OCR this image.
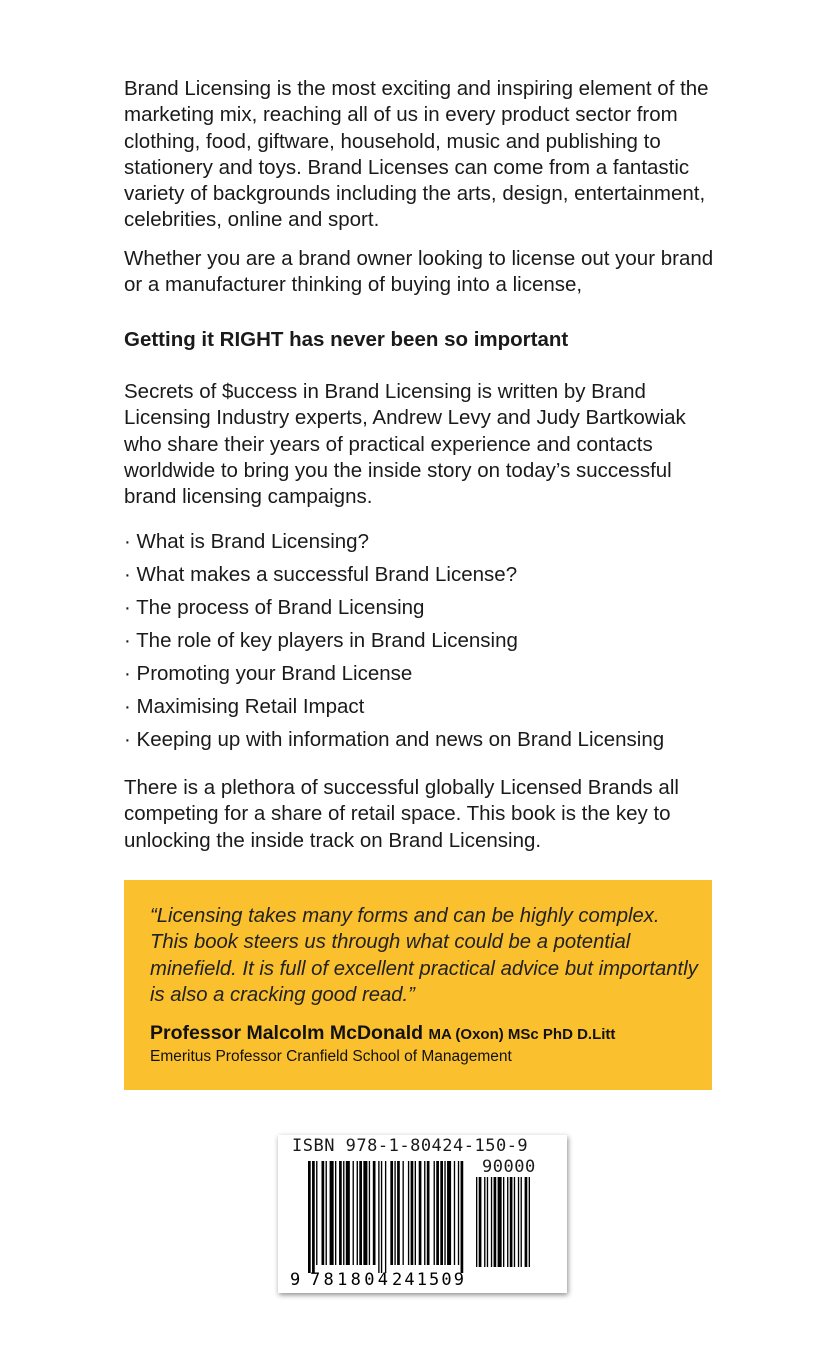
Brand Licensing is the most exciting and inspiring element of the marketing mix, reaching all of us in every product sector from clothing, food, giftware, household, music and publishing to stationery and toys. Brand Licenses can come from a fantastic variety of backgrounds including the arts, design, entertainment, celebrities, online and sport.

Whether you are a brand owner looking to license out your brand or a manufacturer thinking of buying into a license,

Getting it RIGHT has never been so important

Secrets of $uccess in Brand Licensing is written by Brand Licensing Industry experts, Andrew Levy and Judy Bartkowiak who share their years of practical experience and contacts worldwide to bring you the inside story on today’s successful brand licensing campaigns.

· What is Brand Licensing?
· What makes a successful Brand License?
· The process of Brand Licensing
· The role of key players in Brand Licensing
· Promoting your Brand License
· Maximising Retail Impact
· Keeping up with information and news on Brand Licensing

There is a plethora of successful globally Licensed Brands all competing for a share of retail space. This book is the key to unlocking the inside track on Brand Licensing.

“Licensing takes many forms and can be highly complex. This book steers us through what could be a potential minefield. It is full of excellent practical advice but importantly is also a cracking good read.”

Professor Malcolm McDonald MA (Oxon) MSc PhD D.Litt

Emeritus Professor Cranfield School of Management

ISBN 978-1-80424-150-9

90000

9 781804 241509
